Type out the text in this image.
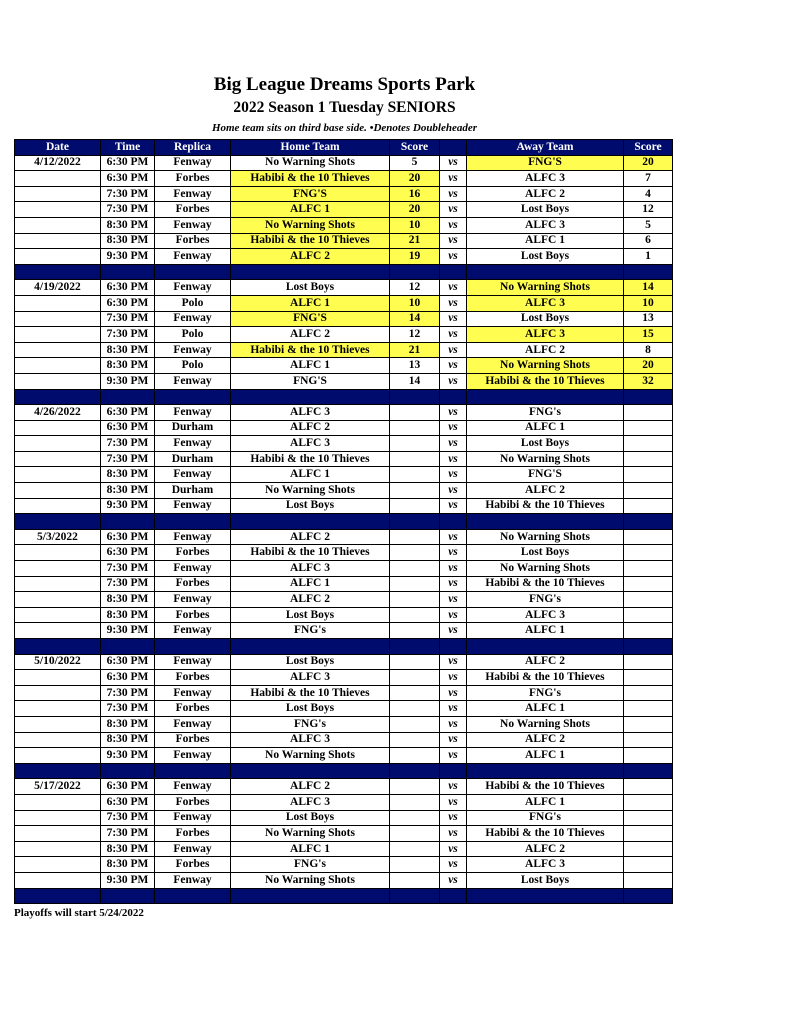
Big League Dreams Sports Park
2022 Season 1 Tuesday SENIORS
Home team sits on third base side. •Denotes Doubleheader
Date	Time	Replica	Home Team	Score		Away Team	Score
4/12/2022	6:30 PM	Fenway	No Warning Shots	5	vs	FNG'S	20
	6:30 PM	Forbes	Habibi & the 10 Thieves	20	vs	ALFC 3	7
	7:30 PM	Fenway	FNG'S	16	vs	ALFC 2	4
	7:30 PM	Forbes	ALFC 1	20	vs	Lost Boys	12
	8:30 PM	Fenway	No Warning Shots	10	vs	ALFC 3	5
	8:30 PM	Forbes	Habibi & the 10 Thieves	21	vs	ALFC 1	6
	9:30 PM	Fenway	ALFC 2	19	vs	Lost Boys	1

4/19/2022	6:30 PM	Fenway	Lost Boys	12	vs	No Warning Shots	14
	6:30 PM	Polo	ALFC 1	10	vs	ALFC 3	10
	7:30 PM	Fenway	FNG'S	14	vs	Lost Boys	13
	7:30 PM	Polo	ALFC 2	12	vs	ALFC 3	15
	8:30 PM	Fenway	Habibi & the 10 Thieves	21	vs	ALFC 2	8
	8:30 PM	Polo	ALFC 1	13	vs	No Warning Shots	20
	9:30 PM	Fenway	FNG'S	14	vs	Habibi & the 10 Thieves	32

4/26/2022	6:30 PM	Fenway	ALFC 3		vs	FNG's	
	6:30 PM	Durham	ALFC 2		vs	ALFC 1	
	7:30 PM	Fenway	ALFC 3		vs	Lost Boys	
	7:30 PM	Durham	Habibi & the 10 Thieves		vs	No Warning Shots	
	8:30 PM	Fenway	ALFC 1		vs	FNG'S	
	8:30 PM	Durham	No Warning Shots		vs	ALFC 2	
	9:30 PM	Fenway	Lost Boys		vs	Habibi & the 10 Thieves	

5/3/2022	6:30 PM	Fenway	ALFC 2		vs	No Warning Shots	
	6:30 PM	Forbes	Habibi & the 10 Thieves		vs	Lost Boys	
	7:30 PM	Fenway	ALFC 3		vs	No Warning Shots	
	7:30 PM	Forbes	ALFC 1		vs	Habibi & the 10 Thieves	
	8:30 PM	Fenway	ALFC 2		vs	FNG's	
	8:30 PM	Forbes	Lost Boys		vs	ALFC 3	
	9:30 PM	Fenway	FNG's		vs	ALFC 1	

5/10/2022	6:30 PM	Fenway	Lost Boys		vs	ALFC 2	
	6:30 PM	Forbes	ALFC 3		vs	Habibi & the 10 Thieves	
	7:30 PM	Fenway	Habibi & the 10 Thieves		vs	FNG's	
	7:30 PM	Forbes	Lost Boys		vs	ALFC 1	
	8:30 PM	Fenway	FNG's		vs	No Warning Shots	
	8:30 PM	Forbes	ALFC 3		vs	ALFC 2	
	9:30 PM	Fenway	No Warning Shots		vs	ALFC 1	

5/17/2022	6:30 PM	Fenway	ALFC 2		vs	Habibi & the 10 Thieves	
	6:30 PM	Forbes	ALFC 3		vs	ALFC 1	
	7:30 PM	Fenway	Lost Boys		vs	FNG's	
	7:30 PM	Forbes	No Warning Shots		vs	Habibi & the 10 Thieves	
	8:30 PM	Fenway	ALFC 1		vs	ALFC 2	
	8:30 PM	Forbes	FNG's		vs	ALFC 3	
	9:30 PM	Fenway	No Warning Shots		vs	Lost Boys	

Playoffs will start 5/24/2022
